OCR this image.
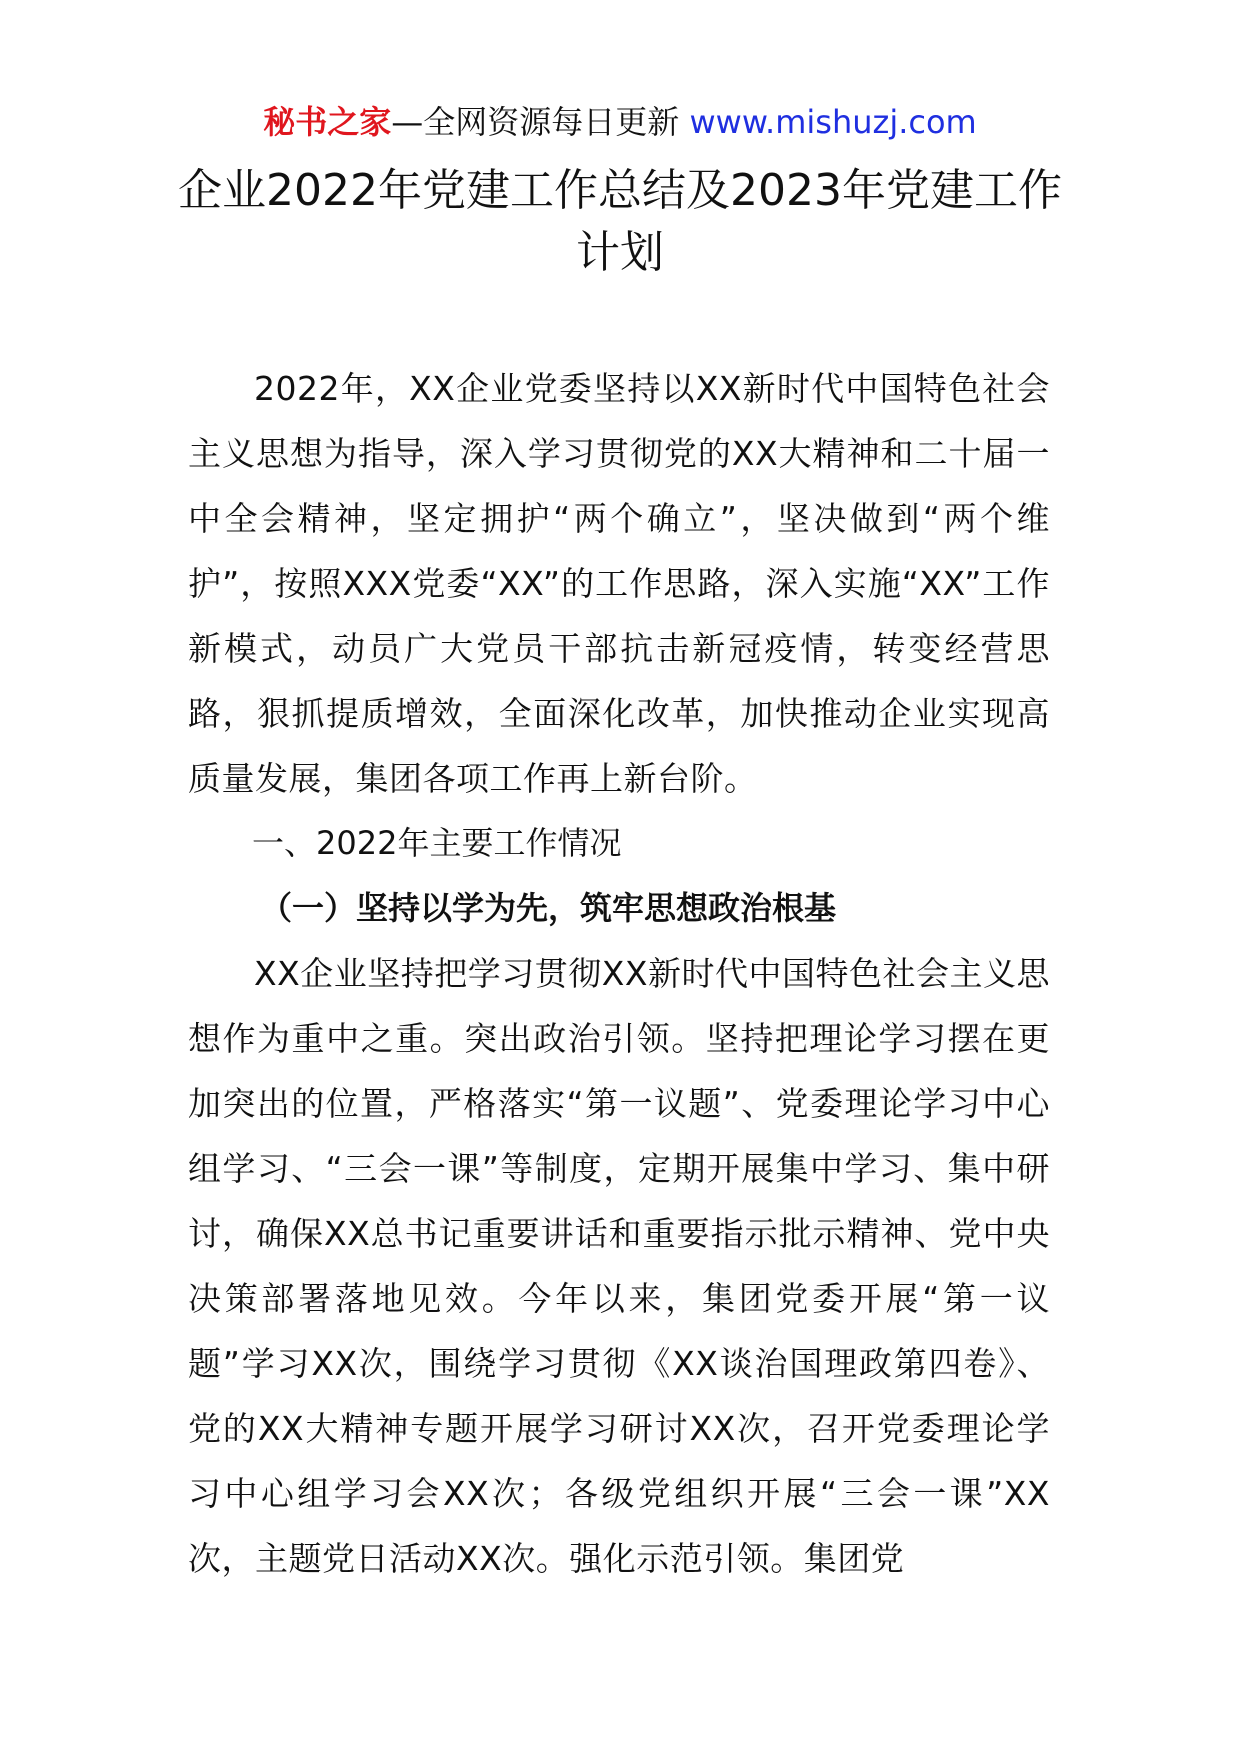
秘书之家—全网资源每日更新 www.mishuzj.com
企业2022年党建工作总结及2023年党建工作计划

2022年，XX企业党委坚持以XX新时代中国特色社会主义思想为指导，深入学习贯彻党的XX大精神和二十届一中全会精神，坚定拥护“两个确立”，坚决做到“两个维护”，按照XXX党委“XX”的工作思路，深入实施“XX”工作新模式，动员广大党员干部抗击新冠疫情，转变经营思路，狠抓提质增效，全面深化改革，加快推动企业实现高质量发展，集团各项工作再上新台阶。

一、2022年主要工作情况

（一）坚持以学为先，筑牢思想政治根基

XX企业坚持把学习贯彻XX新时代中国特色社会主义思想作为重中之重。突出政治引领。坚持把理论学习摆在更加突出的位置，严格落实“第一议题”、党委理论学习中心组学习、“三会一课”等制度，定期开展集中学习、集中研讨，确保XX总书记重要讲话和重要指示批示精神、党中央决策部署落地见效。今年以来，集团党委开展“第一议题”学习XX次，围绕学习贯彻《XX谈治国理政第四卷》、党的XX大精神专题开展学习研讨XX次，召开党委理论学习中心组学习会XX次；各级党组织开展“三会一课”XX次，主题党日活动XX次。强化示范引领。集团党
